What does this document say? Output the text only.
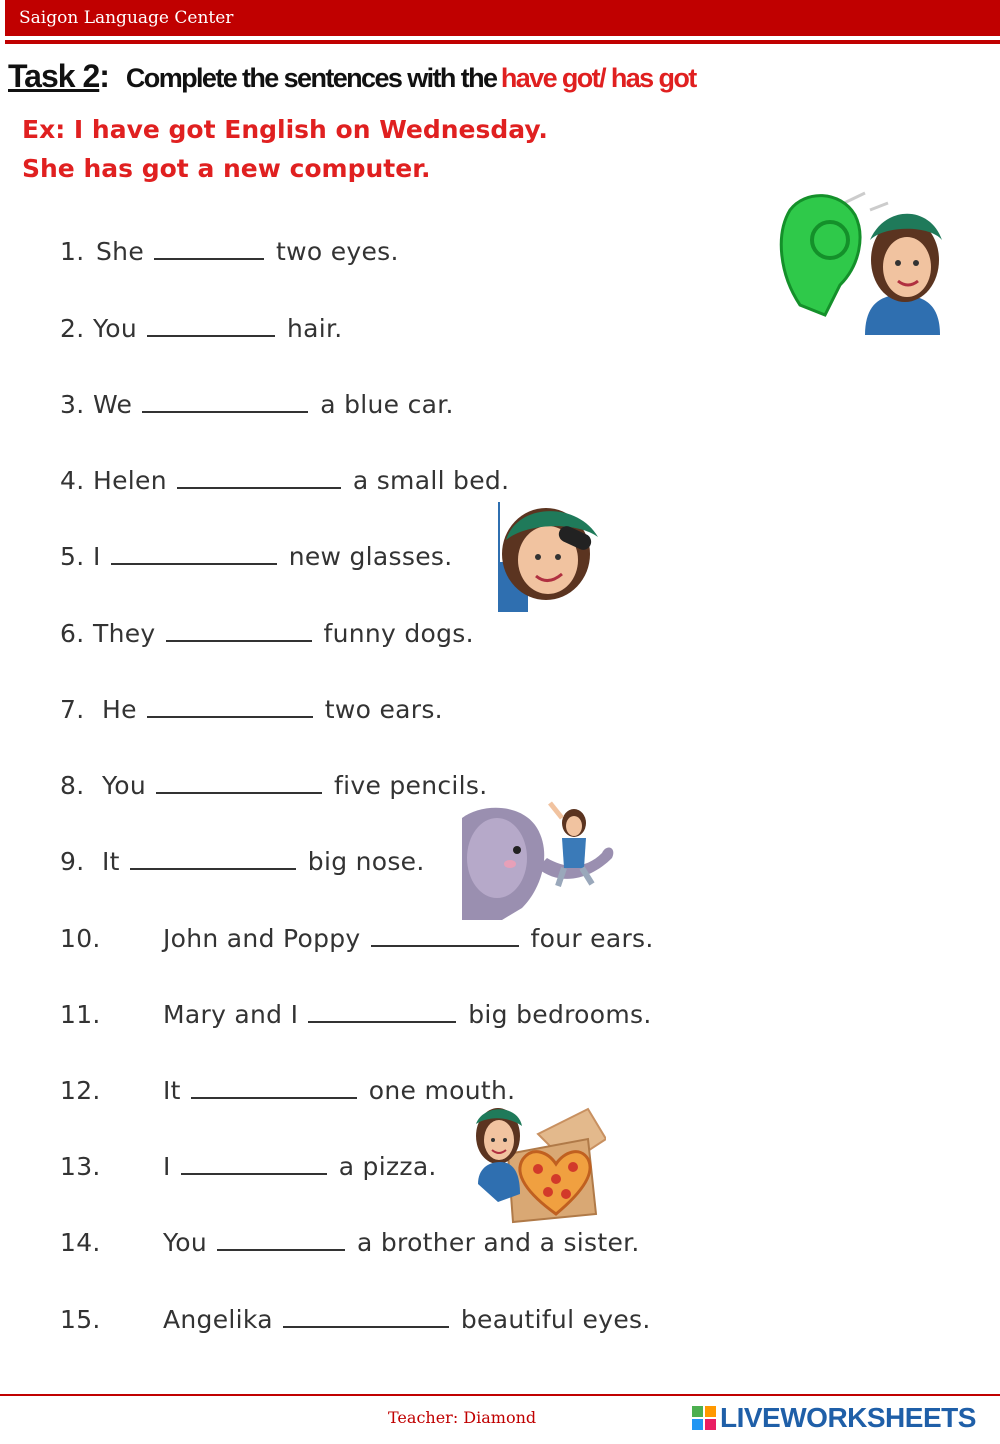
Saigon Language Center
Task 2: Complete the sentences with the have got/ has got
Ex: I have got English on Wednesday.
She has got a new computer.
1. She	two eyes.
2. You	hair.
3. We	a blue car.
4. Helen	a small bed.
5. I	new glasses.
6. They	funny dogs.
7. He	two ears.
8. You	five pencils.
9. It	big nose.
10. John and Poppy	four ears.
11. Mary and I	big bedrooms.
12. It	one mouth.
13. I	a pizza.
14. You	a brother and a sister.
15. Angelika	beautiful eyes.
Teacher: Diamond	LIVEWORKSHEETS
